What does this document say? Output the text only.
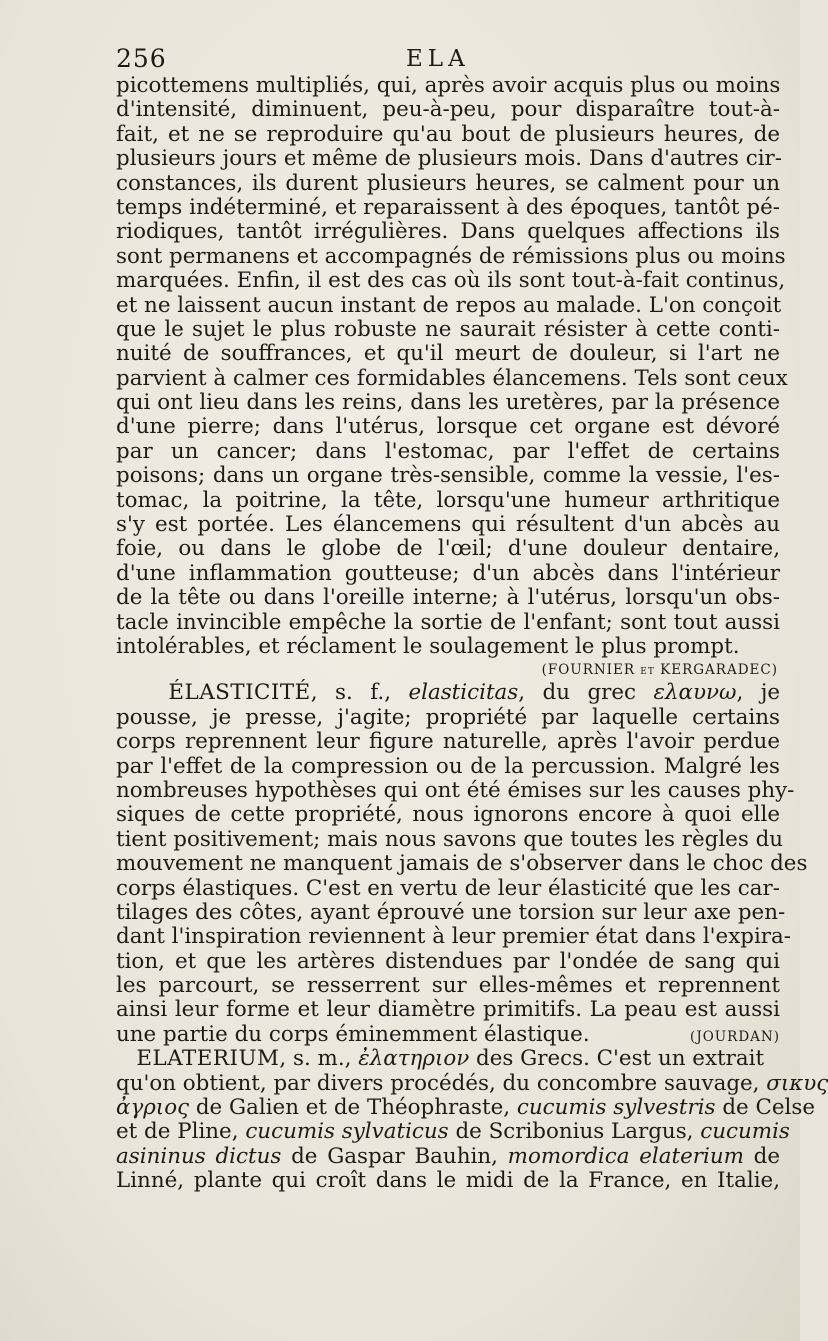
256	ELA

picottemens multipliés, qui, après avoir acquis plus ou moins
d'intensité, diminuent, peu-à-peu, pour disparaître tout-à-
fait, et ne se reproduire qu'au bout de plusieurs heures, de
plusieurs jours et même de plusieurs mois. Dans d'autres cir-
constances, ils durent plusieurs heures, se calment pour un
temps indéterminé, et reparaissent à des époques, tantôt pé-
riodiques, tantôt irrégulières. Dans quelques affections ils
sont permanens et accompagnés de rémissions plus ou moins
marquées. Enfin, il est des cas où ils sont tout-à-fait continus,
et ne laissent aucun instant de repos au malade. L'on conçoit
que le sujet le plus robuste ne saurait résister à cette conti-
nuité de souffrances, et qu'il meurt de douleur, si l'art ne
parvient à calmer ces formidables élancemens. Tels sont ceux
qui ont lieu dans les reins, dans les uretères, par la présence
d'une pierre; dans l'utérus, lorsque cet organe est dévoré
par un cancer; dans l'estomac, par l'effet de certains
poisons; dans un organe très-sensible, comme la vessie, l'es-
tomac, la poitrine, la tête, lorsqu'une humeur arthritique
s'y est portée. Les élancemens qui résultent d'un abcès au
foie, ou dans le globe de l'œil; d'une douleur dentaire,
d'une inflammation goutteuse; d'un abcès dans l'intérieur
de la tête ou dans l'oreille interne; à l'utérus, lorsqu'un obs-
tacle invincible empêche la sortie de l'enfant; sont tout aussi
intolérables, et réclament le soulagement le plus prompt.
(FOURNIER et KERGARADEC)

ÉLASTICITÉ, s. f., elasticitas, du grec ελαυνω, je
pousse, je presse, j'agite; propriété par laquelle certains
corps reprennent leur figure naturelle, après l'avoir perdue
par l'effet de la compression ou de la percussion. Malgré les
nombreuses hypothèses qui ont été émises sur les causes phy-
siques de cette propriété, nous ignorons encore à quoi elle
tient positivement; mais nous savons que toutes les règles du
mouvement ne manquent jamais de s'observer dans le choc des
corps élastiques. C'est en vertu de leur élasticité que les car-
tilages des côtes, ayant éprouvé une torsion sur leur axe pen-
dant l'inspiration reviennent à leur premier état dans l'expira-
tion, et que les artères distendues par l'ondée de sang qui
les parcourt, se resserrent sur elles-mêmes et reprennent
ainsi leur forme et leur diamètre primitifs. La peau est aussi
une partie du corps éminemment élastique.	(JOURDAN)

ELATERIUM, s. m., ἐλατηριον des Grecs. C'est un extrait
qu'on obtient, par divers procédés, du concombre sauvage, σικυς
ἀγριος de Galien et de Théophraste, cucumis sylvestris de Celse
et de Pline, cucumis sylvaticus de Scribonius Largus, cucumis
asininus dictus de Gaspar Bauhin, momordica elaterium de
Linné, plante qui croît dans le midi de la France, en Italie,
